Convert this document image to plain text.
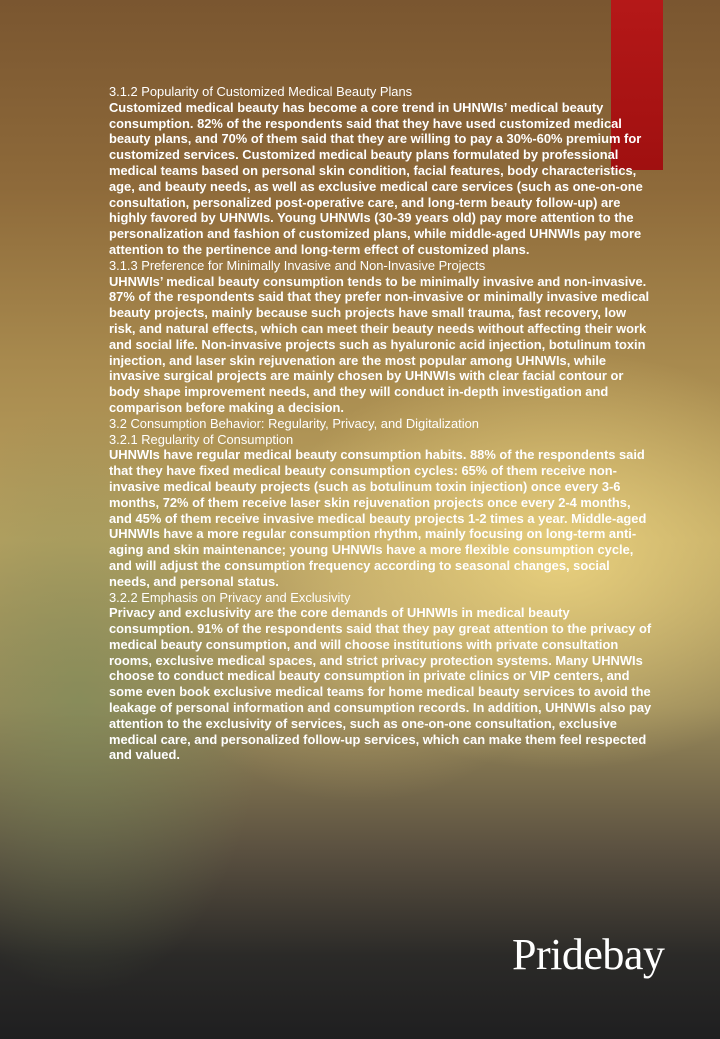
3.1.2 Popularity of Customized Medical Beauty Plans

Customized medical beauty has become a core trend in UHNWIs’ medical beauty consumption. 82% of the respondents said that they have used customized medical beauty plans, and 70% of them said that they are willing to pay a 30%-60% premium for customized services. Customized medical beauty plans formulated by professional medical teams based on personal skin condition, facial features, body characteristics, age, and beauty needs, as well as exclusive medical care services (such as one-on-one consultation, personalized post-operative care, and long-term beauty follow-up) are highly favored by UHNWIs. Young UHNWIs (30-39 years old) pay more attention to the personalization and fashion of customized plans, while middle-aged UHNWIs pay more attention to the pertinence and long-term effect of customized plans.

3.1.3 Preference for Minimally Invasive and Non-Invasive Projects

UHNWIs’ medical beauty consumption tends to be minimally invasive and non-invasive. 87% of the respondents said that they prefer non-invasive or minimally invasive medical beauty projects, mainly because such projects have small trauma, fast recovery, low risk, and natural effects, which can meet their beauty needs without affecting their work and social life. Non-invasive projects such as hyaluronic acid injection, botulinum toxin injection, and laser skin rejuvenation are the most popular among UHNWIs, while invasive surgical projects are mainly chosen by UHNWIs with clear facial contour or body shape improvement needs, and they will conduct in-depth investigation and comparison before making a decision.

3.2 Consumption Behavior: Regularity, Privacy, and Digitalization
3.2.1 Regularity of Consumption

UHNWIs have regular medical beauty consumption habits. 88% of the respondents said that they have fixed medical beauty consumption cycles: 65% of them receive non-invasive medical beauty projects (such as botulinum toxin injection) once every 3-6 months, 72% of them receive laser skin rejuvenation projects once every 2-4 months, and 45% of them receive invasive medical beauty projects 1-2 times a year. Middle-aged UHNWIs have a more regular consumption rhythm, mainly focusing on long-term anti-aging and skin maintenance; young UHNWIs have a more flexible consumption cycle, and will adjust the consumption frequency according to seasonal changes, social needs, and personal status.

3.2.2 Emphasis on Privacy and Exclusivity

Privacy and exclusivity are the core demands of UHNWIs in medical beauty consumption. 91% of the respondents said that they pay great attention to the privacy of medical beauty consumption, and will choose institutions with private consultation rooms, exclusive medical spaces, and strict privacy protection systems. Many UHNWIs choose to conduct medical beauty consumption in private clinics or VIP centers, and some even book exclusive medical teams for home medical beauty services to avoid the leakage of personal information and consumption records. In addition, UHNWIs also pay attention to the exclusivity of services, such as one-on-one consultation, exclusive medical care, and personalized follow-up services, which can make them feel respected and valued.

Pridebay
